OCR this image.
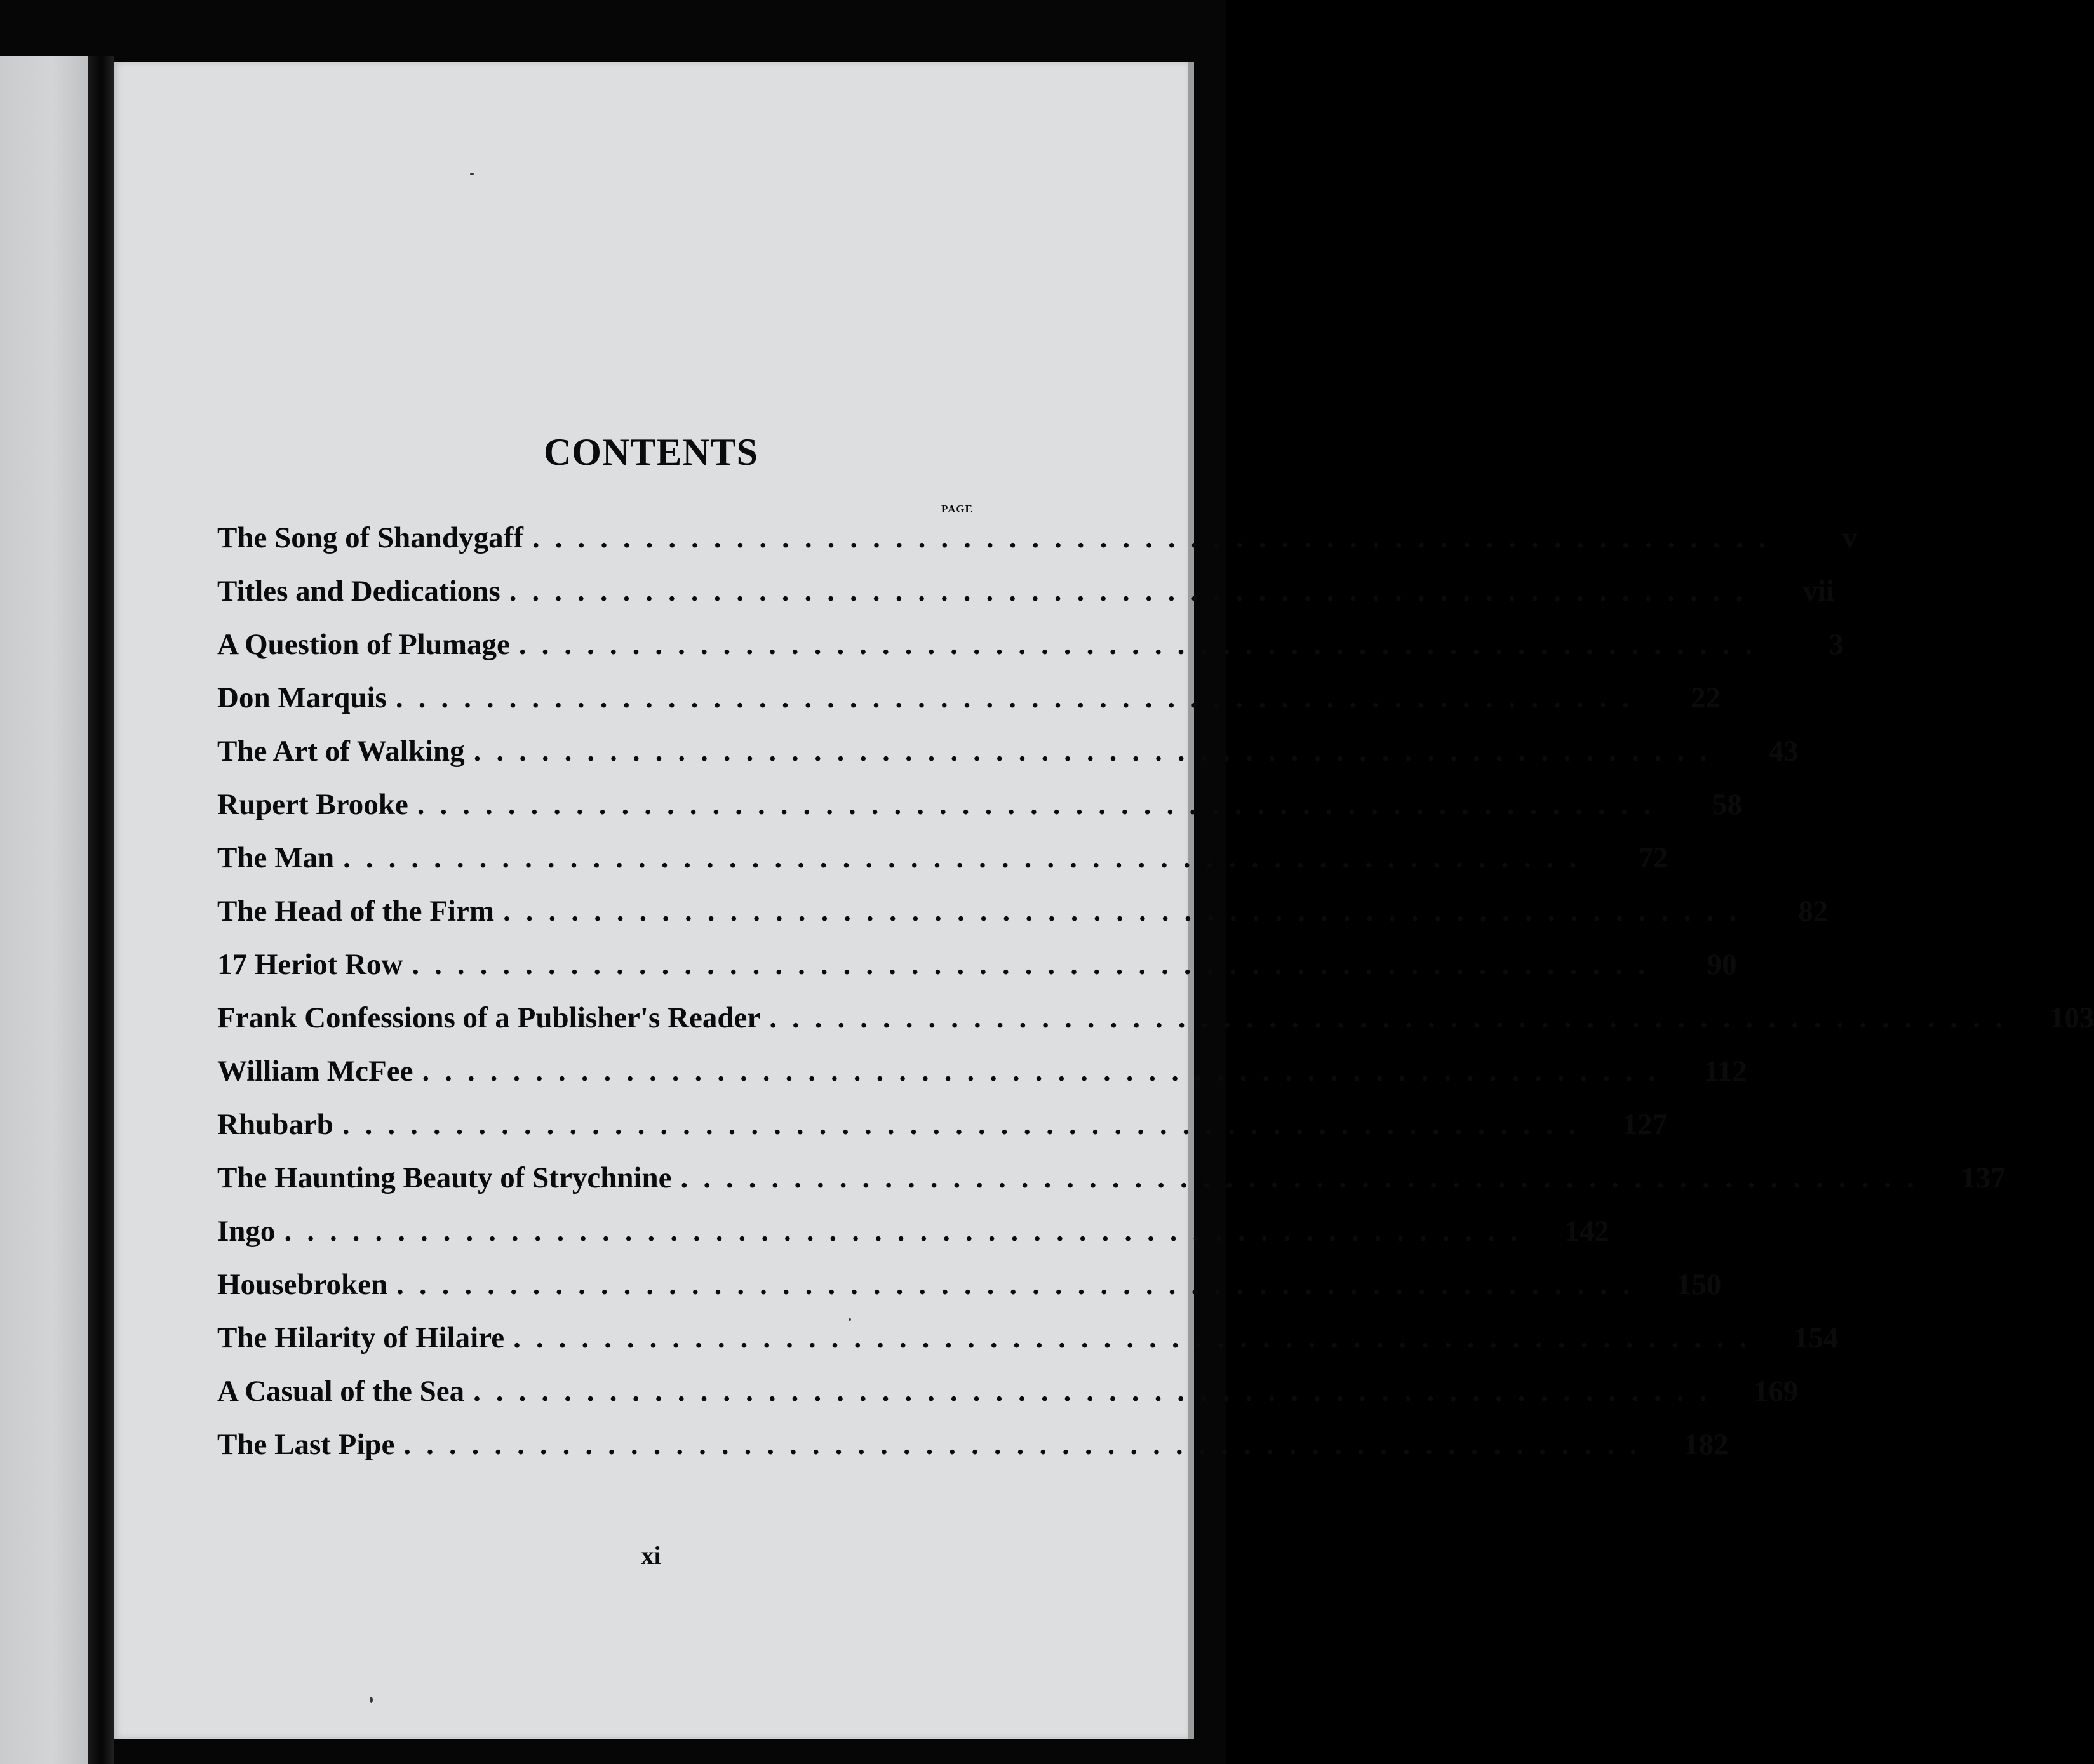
CONTENTS
PAGE
The Song of Shandygaff .......................................................	v
Titles and Dedications .......................................................	vii
A Question of Plumage .......................................................	3
Don Marquis .......................................................	22
The Art of Walking .......................................................	43
Rupert Brooke .......................................................	58
The Man .......................................................	72
The Head of the Firm .......................................................	82
17 Heriot Row .......................................................	90
Frank Confessions of a Publisher's Reader .......................................................	103
William McFee .......................................................	112
Rhubarb .......................................................	127
The Haunting Beauty of Strychnine .......................................................	137
Ingo .......................................................	142
Housebroken .......................................................	150
The Hilarity of Hilaire .......................................................	154
A Casual of the Sea .......................................................	169
The Last Pipe .......................................................	182
xi
